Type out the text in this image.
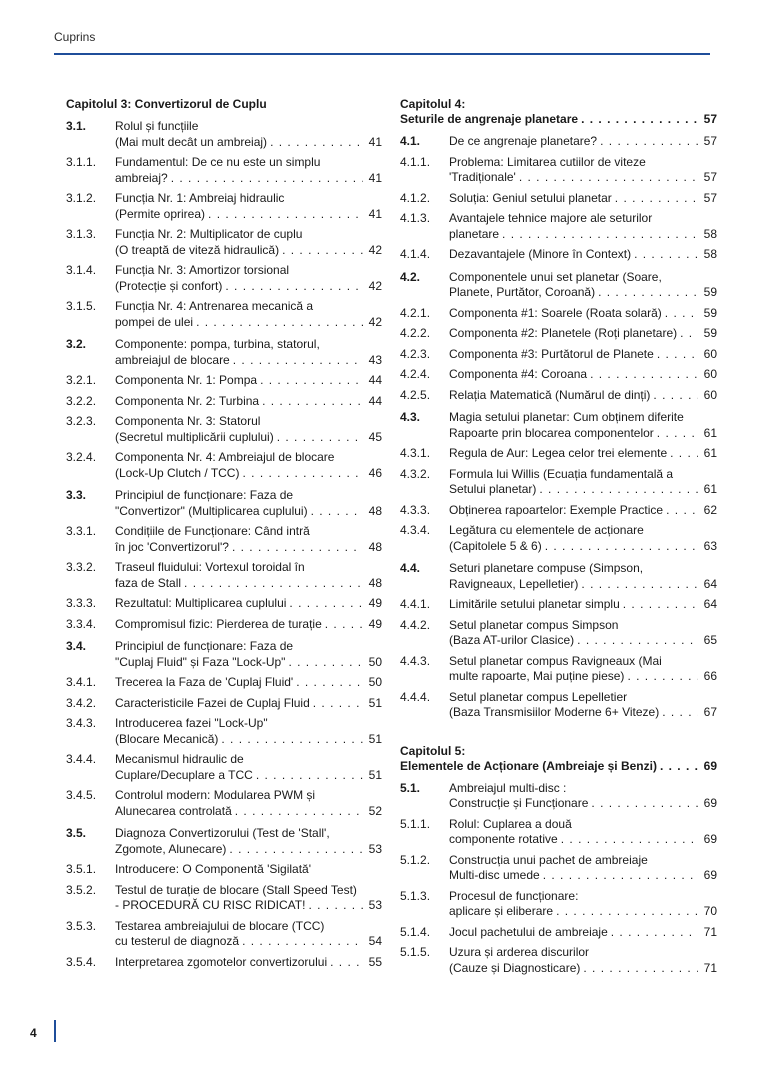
Cuprins
Capitolul 3: Convertizorul de Cuplu
3.1.	Rolul și funcțiile
(Mai mult decât un ambreiaj) . . .	41
3.1.1.	Fundamentul: De ce nu este un simplu
ambreiaj? . . .	41
3.1.2.	Funcția Nr. 1: Ambreiaj hidraulic
(Permite oprirea) . . .	41
3.1.3.	Funcția Nr. 2: Multiplicator de cuplu
(O treaptă de viteză hidraulică) . . .	42
3.1.4.	Funcția Nr. 3: Amortizor torsional
(Protecție și confort) . . .	42
3.1.5.	Funcția Nr. 4: Antrenarea mecanică a
pompei de ulei . . .	42
3.2.	Componente: pompa, turbina, statorul,
ambreiajul de blocare . . .	43
3.2.1.	Componenta Nr. 1: Pompa . . .	44
3.2.2.	Componenta Nr. 2: Turbina . . .	44
3.2.3.	Componenta Nr. 3: Statorul
(Secretul multiplicării cuplului) . . .	45
3.2.4.	Componenta Nr. 4: Ambreiajul de blocare
(Lock-Up Clutch / TCC) . . .	46
3.3.	Principiul de funcționare: Faza de
"Convertizor" (Multiplicarea cuplului) . . .	48
3.3.1.	Condițiile de Funcționare: Când intră
în joc 'Convertizorul'? . . .	48
3.3.2.	Traseul fluidului: Vortexul toroidal în
faza de Stall . . .	48
3.3.3.	Rezultatul: Multiplicarea cuplului . . .	49
3.3.4.	Compromisul fizic: Pierderea de turație . . .	49
3.4.	Principiul de funcționare: Faza de
"Cuplaj Fluid" și Faza "Lock-Up" . . .	50
3.4.1.	Trecerea la Faza de 'Cuplaj Fluid' . . .	50
3.4.2.	Caracteristicile Fazei de Cuplaj Fluid . . .	51
3.4.3.	Introducerea fazei "Lock-Up"
(Blocare Mecanică) . . .	51
3.4.4.	Mecanismul hidraulic de
Cuplare/Decuplare a TCC . . .	51
3.4.5.	Controlul modern: Modularea PWM și
Alunecarea controlată . . .	52
3.5.	Diagnoza Convertizorului (Test de 'Stall',
Zgomote, Alunecare) . . .	53
3.5.1.	Introducere: O Componentă 'Sigilată'
3.5.2.	Testul de turație de blocare (Stall Speed Test)
- PROCEDURĂ CU RISC RIDICAT! . . .	53
3.5.3.	Testarea ambreiajului de blocare (TCC)
cu testerul de diagnoză . . .	54
3.5.4.	Interpretarea zgomotelor convertizorului . . .	55
Capitolul 4:
Seturile de angrenaje planetare . . .	57
4.1.	De ce angrenaje planetare? . . .	57
4.1.1.	Problema: Limitarea cutiilor de viteze
'Tradiționale' . . .	57
4.1.2.	Soluția: Geniul setului planetar . . .	57
4.1.3.	Avantajele tehnice majore ale seturilor
planetare . . .	58
4.1.4.	Dezavantajele (Minore în Context) . . .	58
4.2.	Componentele unui set planetar (Soare,
Planete, Purtător, Coroană) . . .	59
4.2.1.	Componenta #1: Soarele (Roata solară) . . .	59
4.2.2.	Componenta #2: Planetele (Roți planetare) . . . 59
4.2.3.	Componenta #3: Purtătorul de Planete . . .	60
4.2.4.	Componenta #4: Coroana . . .	60
4.2.5.	Relația Matematică (Numărul de dinți) . . .	60
4.3.	Magia setului planetar: Cum obținem diferite
Rapoarte prin blocarea componentelor . . .	61
4.3.1.	Regula de Aur: Legea celor trei elemente . . .	61
4.3.2.	Formula lui Willis (Ecuația fundamentală a
Setului planetar) . . .	61
4.3.3.	Obținerea rapoartelor: Exemple Practice . . .	62
4.3.4.	Legătura cu elementele de acționare
(Capitolele 5 & 6) . . .	63
4.4.	Seturi planetare compuse (Simpson,
Ravigneaux, Lepelletier) . . .	64
4.4.1.	Limitările setului planetar simplu . . .	64
4.4.2.	Setul planetar compus Simpson
(Baza AT-urilor Clasice) . . .	65
4.4.3.	Setul planetar compus Ravigneaux (Mai
multe rapoarte, Mai puține piese) . . .	66
4.4.4.	Setul planetar compus Lepelletier
(Baza Transmisiilor Moderne 6+ Viteze) . . .	67
Capitolul 5:
Elementele de Acționare (Ambreiaje și Benzi) . . .	69
5.1.	Ambreiajul multi-disc :
Construcție și Funcționare . . .	69
5.1.1.	Rolul: Cuplarea a două
componente rotative . . .	69
5.1.2.	Construcția unui pachet de ambreiaje
Multi-disc umede . . .	69
5.1.3.	Procesul de funcționare:
aplicare și eliberare . . .	70
5.1.4.	Jocul pachetului de ambreiaje . . .	71
5.1.5.	Uzura și arderea discurilor
(Cauze și Diagnosticare) . . .	71
4
